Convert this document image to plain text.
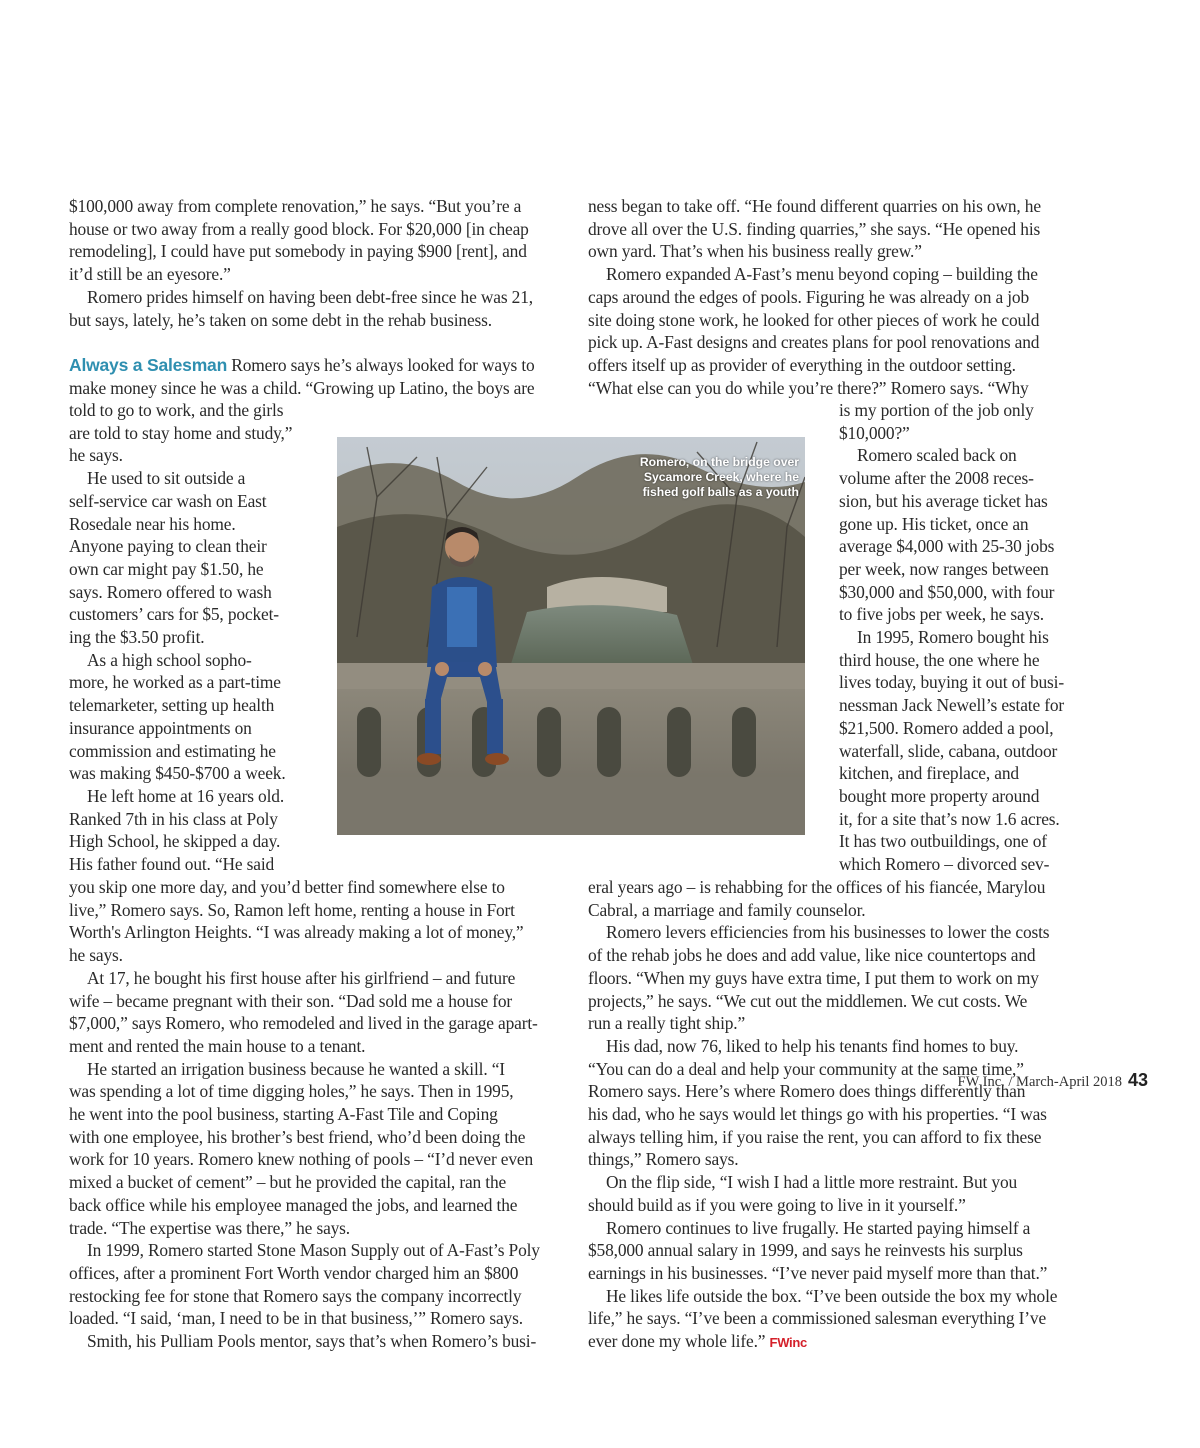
$100,000 away from complete renovation,” he says. “But you’re a

house or two away from a really good block. For $20,000 [in cheap

remodeling], I could have put somebody in paying $900 [rent], and

it’d still be an eyesore.”

Romero prides himself on having been debt-free since he was 21,

but says, lately, he’s taken on some debt in the rehab business.

Always a Salesman Romero says he’s always looked for ways to

make money since he was a child. “Growing up Latino, the boys are

told to go to work, and the girls

are told to stay home and study,”

he says.

He used to sit outside a

self-service car wash on East

Rosedale near his home.

Anyone paying to clean their

own car might pay $1.50, he

says. Romero offered to wash

customers’ cars for $5, pocket-

ing the $3.50 profit.

As a high school sopho-

more, he worked as a part-time

telemarketer, setting up health

insurance appointments on

commission and estimating he

was making $450-$700 a week.

He left home at 16 years old.

Ranked 7th in his class at Poly

High School, he skipped a day.

His father found out. “He said

you skip one more day, and you’d better find somewhere else to

live,” Romero says. So, Ramon left home, renting a house in Fort

Worth's Arlington Heights. “I was already making a lot of money,”

he says.

At 17, he bought his first house after his girlfriend – and future

wife – became pregnant with their son. “Dad sold me a house for

$7,000,” says Romero, who remodeled and lived in the garage apart-

ment and rented the main house to a tenant.

He started an irrigation business because he wanted a skill. “I

was spending a lot of time digging holes,” he says. Then in 1995,

he went into the pool business, starting A-Fast Tile and Coping

with one employee, his brother’s best friend, who’d been doing the

work for 10 years. Romero knew nothing of pools – “I’d never even

mixed a bucket of cement” – but he provided the capital, ran the

back office while his employee managed the jobs, and learned the

trade. “The expertise was there,” he says.

In 1999, Romero started Stone Mason Supply out of A-Fast’s Poly

offices, after a prominent Fort Worth vendor charged him an $800

restocking fee for stone that Romero says the company incorrectly

loaded. “I said, ‘man, I need to be in that business,’” Romero says.

Smith, his Pulliam Pools mentor, says that’s when Romero’s busi-

ness began to take off. “He found different quarries on his own, he

drove all over the U.S. finding quarries,” she says. “He opened his

own yard. That’s when his business really grew.”

Romero expanded A-Fast’s menu beyond coping – building the

caps around the edges of pools. Figuring he was already on a job

site doing stone work, he looked for other pieces of work he could

pick up. A-Fast designs and creates plans for pool renovations and

offers itself up as provider of everything in the outdoor setting.

“What else can you do while you’re there?” Romero says. “Why

is my portion of the job only

$10,000?”

Romero scaled back on

volume after the 2008 reces-

sion, but his average ticket has

gone up. His ticket, once an

average $4,000 with 25-30 jobs

per week, now ranges between

$30,000 and $50,000, with four

to five jobs per week, he says.

In 1995, Romero bought his

third house, the one where he

lives today, buying it out of busi-

nessman Jack Newell’s estate for

$21,500. Romero added a pool,

waterfall, slide, cabana, outdoor

kitchen, and fireplace, and

bought more property around

it, for a site that’s now 1.6 acres.

It has two outbuildings, one of

which Romero – divorced sev-

eral years ago – is rehabbing for the offices of his fiancée, Marylou

Cabral, a marriage and family counselor.

Romero levers efficiencies from his businesses to lower the costs

of the rehab jobs he does and add value, like nice countertops and

floors. “When my guys have extra time, I put them to work on my

projects,” he says. “We cut out the middlemen. We cut costs. We

run a really tight ship.”

His dad, now 76, liked to help his tenants find homes to buy.

“You can do a deal and help your community at the same time,”

Romero says. Here’s where Romero does things differently than

his dad, who he says would let things go with his properties. “I was

always telling him, if you raise the rent, you can afford to fix these

things,” Romero says.

On the flip side, “I wish I had a little more restraint. But you

should build as if you were going to live in it yourself.”

Romero continues to live frugally. He started paying himself a

$58,000 annual salary in 1999, and says he reinvests his surplus

earnings in his businesses. “I’ve never paid myself more than that.”

He likes life outside the box. “I’ve been outside the box my whole

life,” he says. “I’ve been a commissioned salesman everything I’ve

ever done my whole life.” FWinc

Romero, on the bridge over
Sycamore Creek, where he
fished golf balls as a youth
FW Inc. / March-April 2018 43
